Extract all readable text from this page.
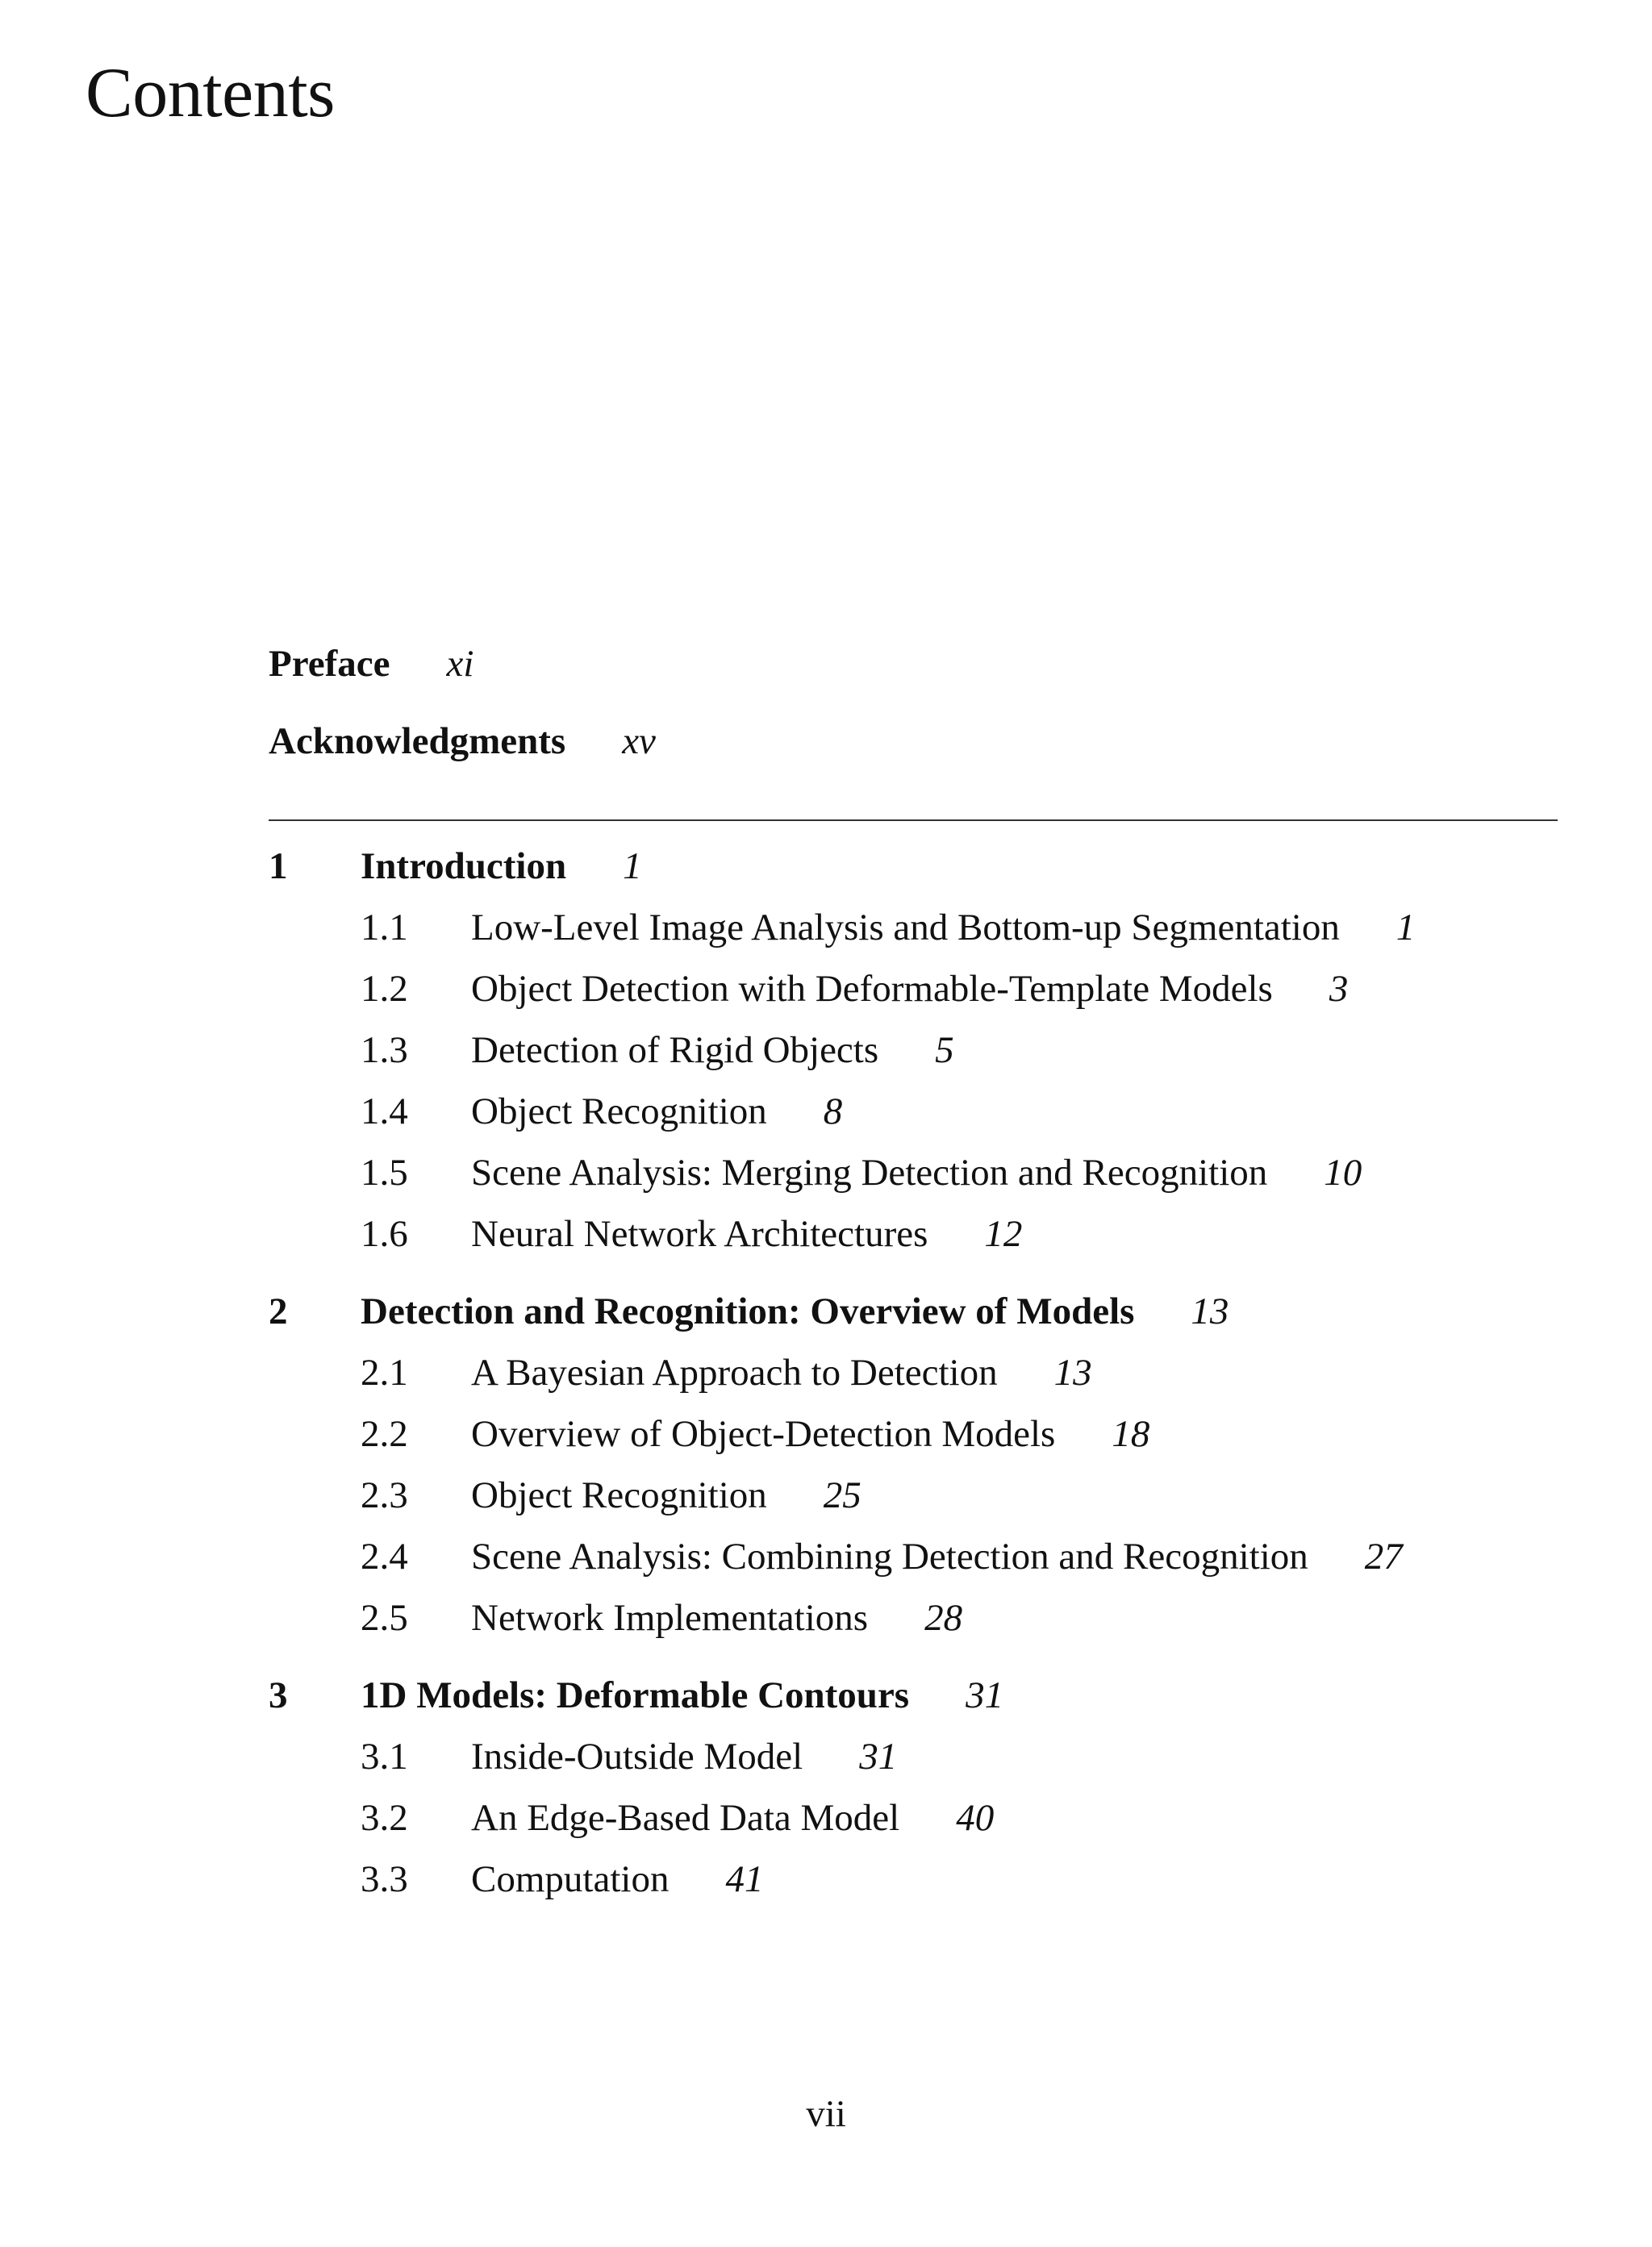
Contents
Preface xi
Acknowledgments xv
1	Introduction 1
1.1	Low-Level Image Analysis and Bottom-up Segmentation 1
1.2	Object Detection with Deformable-Template Models 3
1.3	Detection of Rigid Objects 5
1.4	Object Recognition 8
1.5	Scene Analysis: Merging Detection and Recognition 10
1.6	Neural Network Architectures 12
2	Detection and Recognition: Overview of Models 13
2.1	A Bayesian Approach to Detection 13
2.2	Overview of Object-Detection Models 18
2.3	Object Recognition 25
2.4	Scene Analysis: Combining Detection and Recognition 27
2.5	Network Implementations 28
3	1D Models: Deformable Contours 31
3.1	Inside-Outside Model 31
3.2	An Edge-Based Data Model 40
3.3	Computation 41
vii
